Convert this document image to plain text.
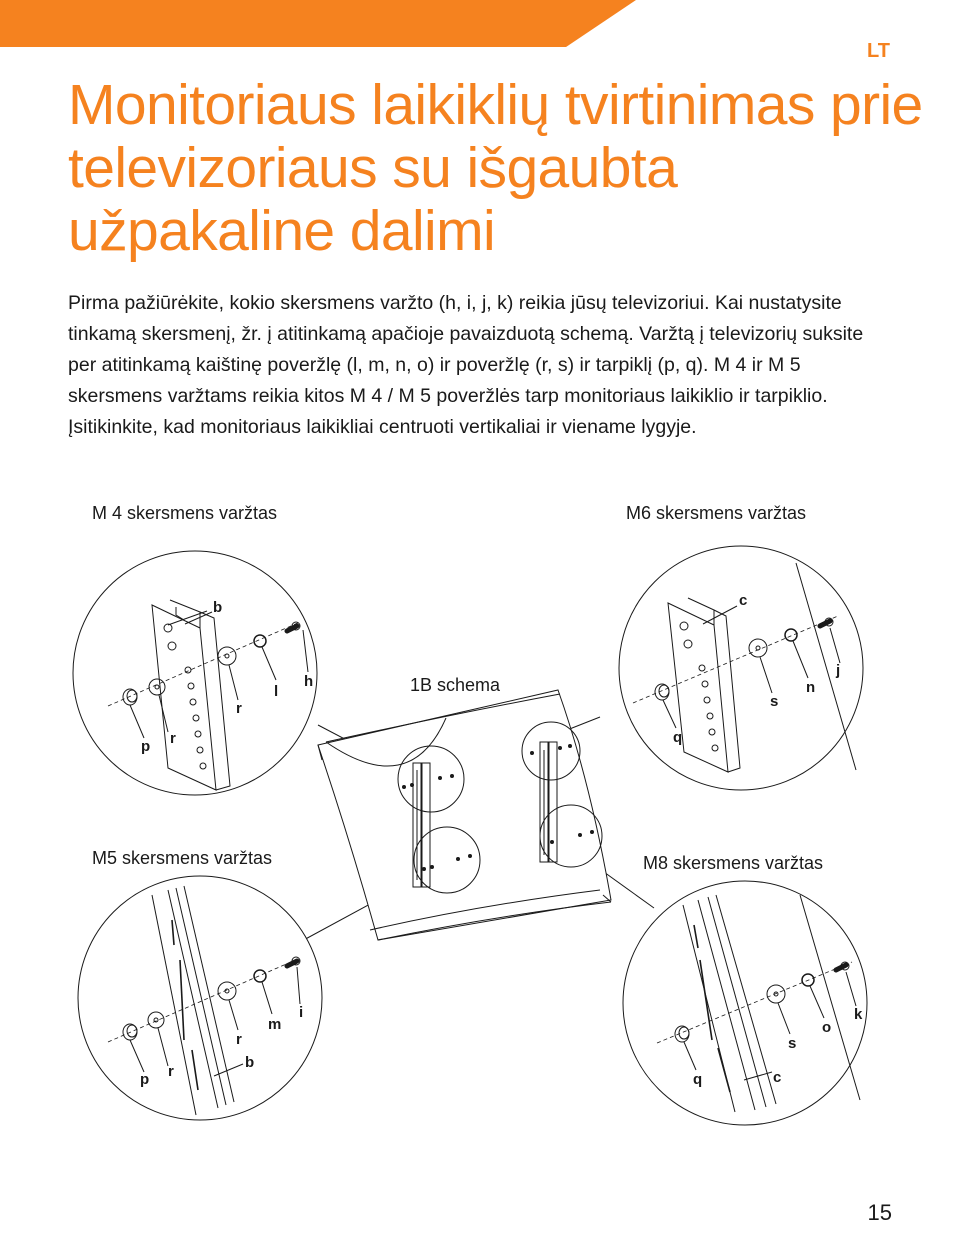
LT
Monitoriaus laikiklių tvirtinimas prie televizoriaus su išgaubta užpakaline dalimi

Pirma pažiūrėkite, kokio skersmens varžto (h, i, j, k) reikia jūsų televizoriui. Kai nustatysite tinkamą skersmenį, žr. į atitinkamą apačioje pavaizduotą schemą. Varžtą į televizorių suksite per atitinkamą kaištinę poveržlę (l, m, n, o) ir poveržlę (r, s) ir tarpiklį (p, q). M 4 ir M 5 skersmens varžtams reikia kitos M 4 / M 5 poveržlės tarp monitoriaus laikiklio ir tarpiklio. Įsitikinkite, kad monitoriaus laikikliai centruoti vertikaliai ir viename lygyje.

M 4 skersmens varžtas	M6 skersmens varžtas
1B schema
M5 skersmens varžtas	M8 skersmens varžtas
b
h
l
r
r
p
c
j
n
s
q
i
m
r
r
p
b
k
o
s
q	c
15
